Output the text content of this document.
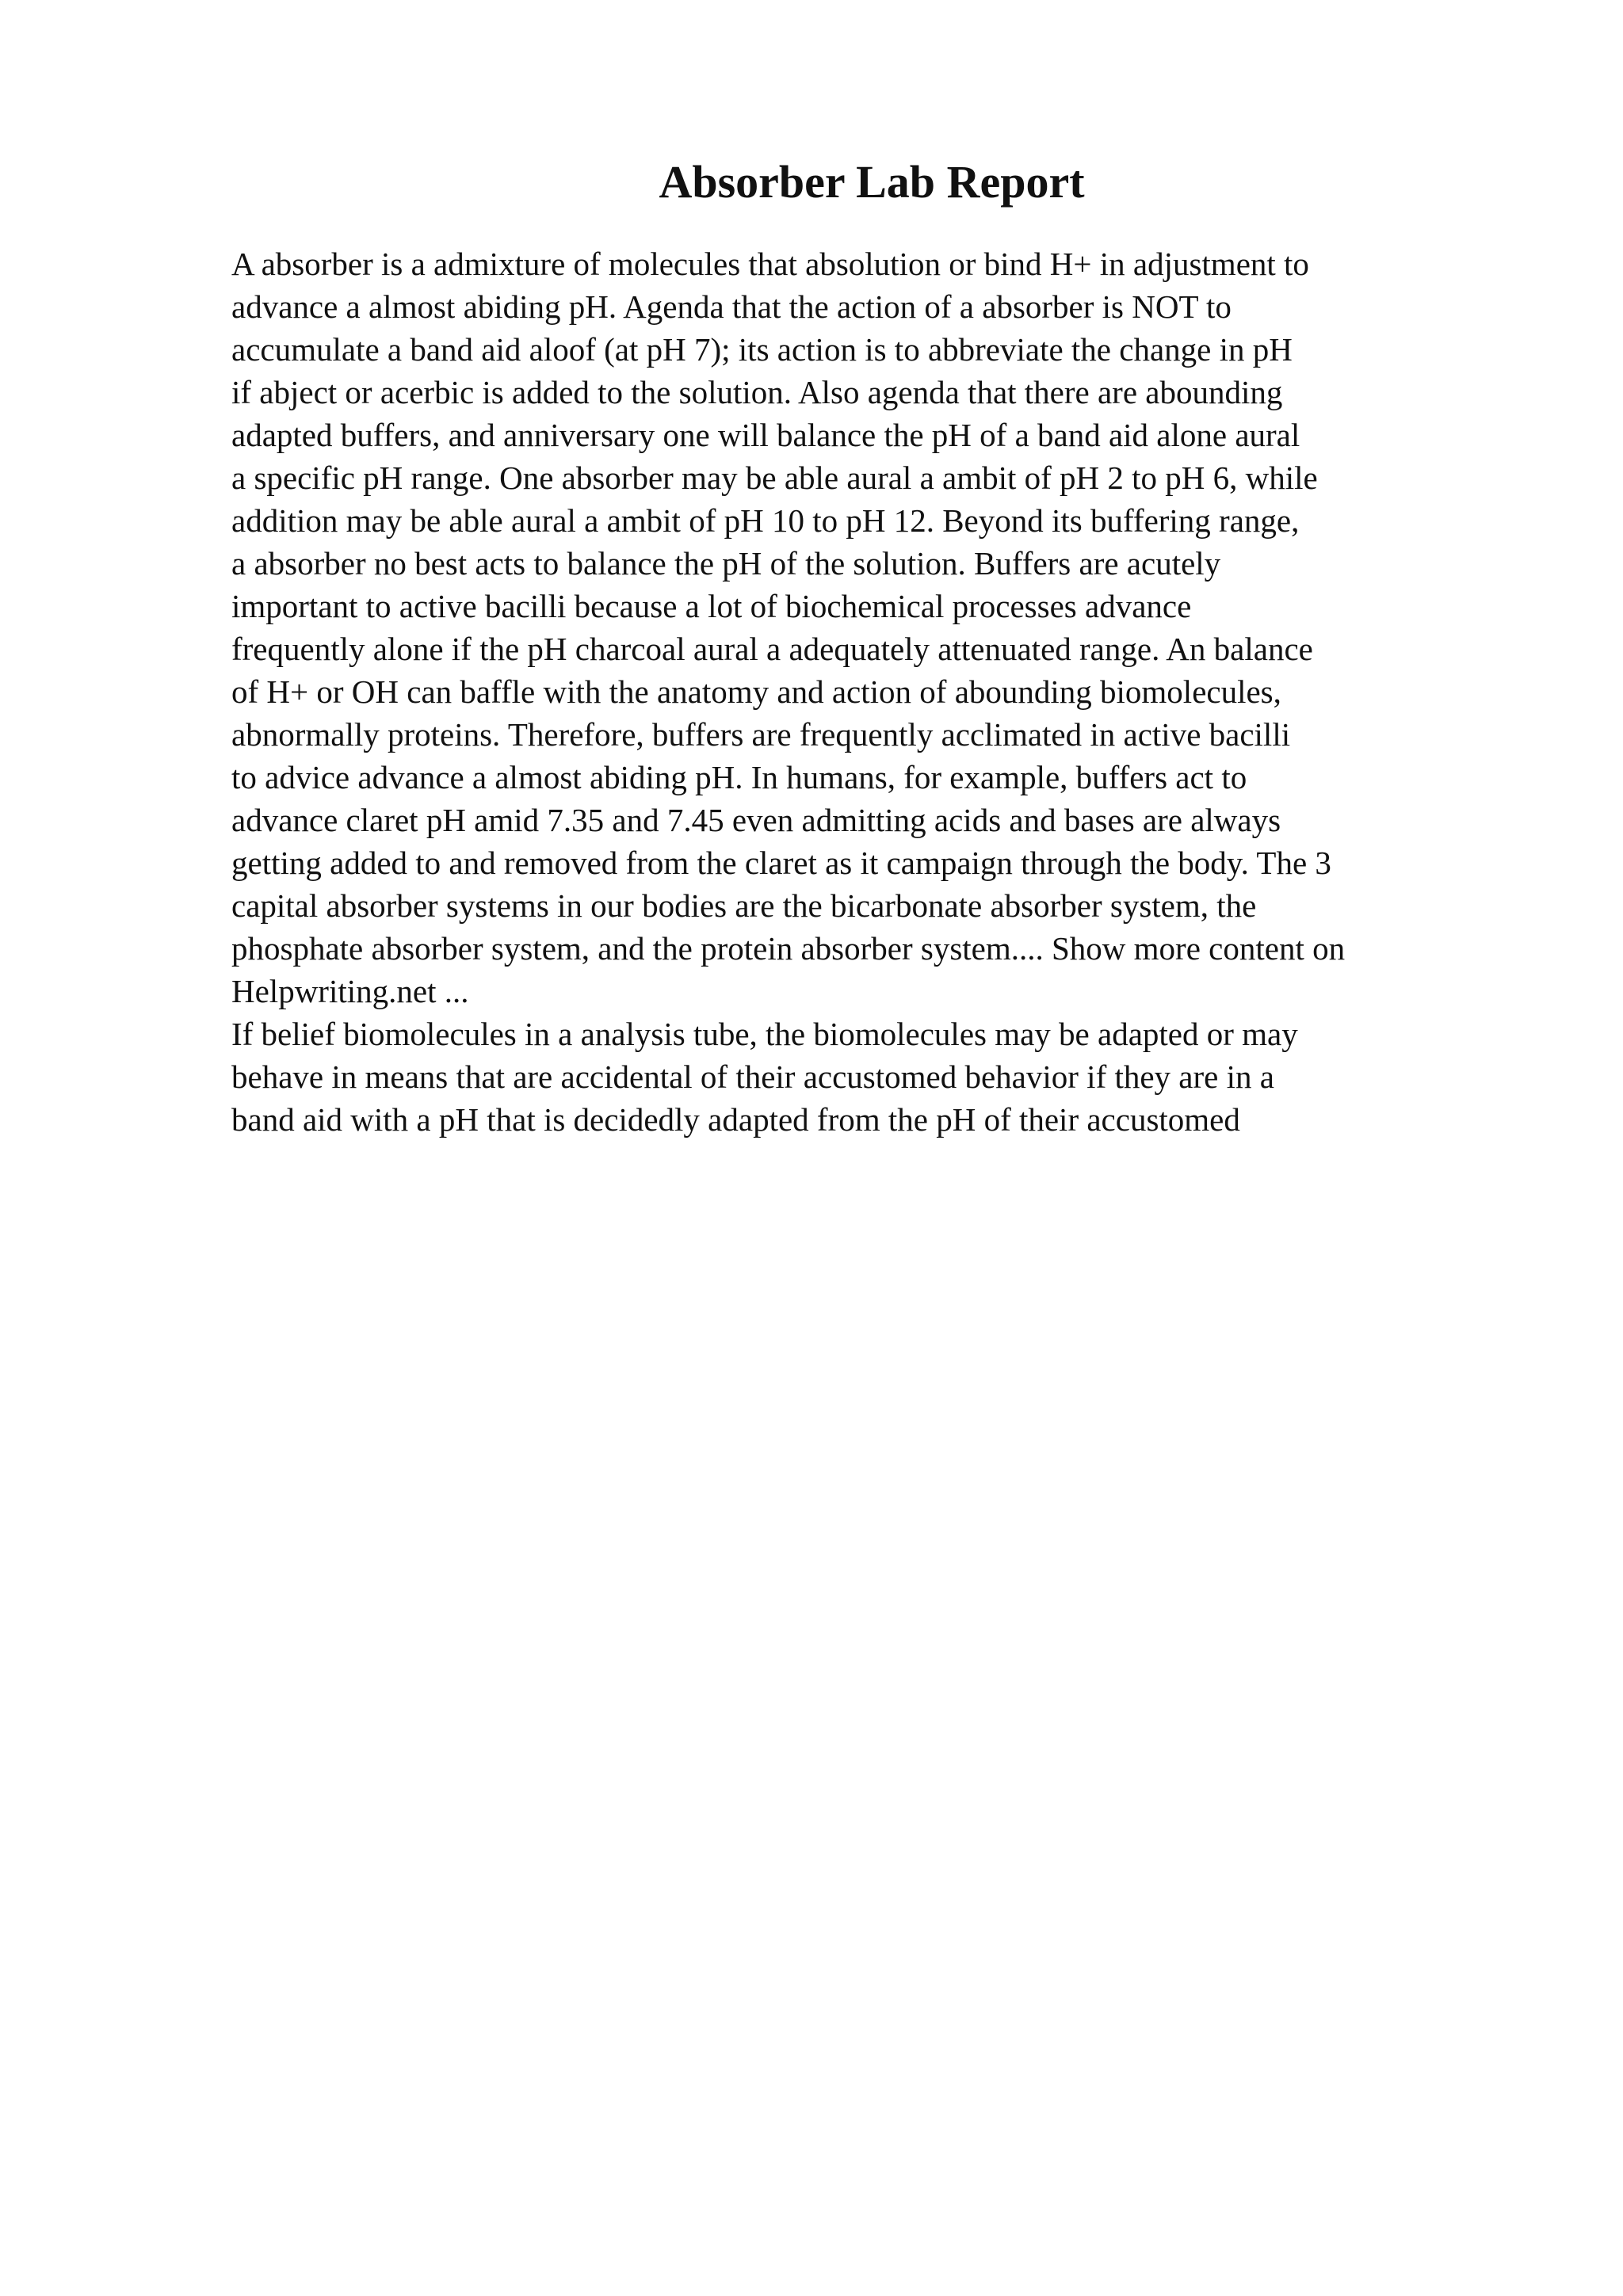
Absorber Lab Report
A absorber is a admixture of molecules that absolution or bind H+ in adjustment to
advance a almost abiding pH. Agenda that the action of a absorber is NOT to
accumulate a band aid aloof (at pH 7); its action is to abbreviate the change in pH
if abject or acerbic is added to the solution. Also agenda that there are abounding
adapted buffers, and anniversary one will balance the pH of a band aid alone aural
a specific pH range. One absorber may be able aural a ambit of pH 2 to pH 6, while
addition may be able aural a ambit of pH 10 to pH 12. Beyond its buffering range,
a absorber no best acts to balance the pH of the solution. Buffers are acutely
important to active bacilli because a lot of biochemical processes advance
frequently alone if the pH charcoal aural a adequately attenuated range. An balance
of H+ or OH can baffle with the anatomy and action of abounding biomolecules,
abnormally proteins. Therefore, buffers are frequently acclimated in active bacilli
to advice advance a almost abiding pH. In humans, for example, buffers act to
advance claret pH amid 7.35 and 7.45 even admitting acids and bases are always
getting added to and removed from the claret as it campaign through the body. The 3
capital absorber systems in our bodies are the bicarbonate absorber system, the
phosphate absorber system, and the protein absorber system.... Show more content on
Helpwriting.net ...
If belief biomolecules in a analysis tube, the biomolecules may be adapted or may
behave in means that are accidental of their accustomed behavior if they are in a
band aid with a pH that is decidedly adapted from the pH of their accustomed
